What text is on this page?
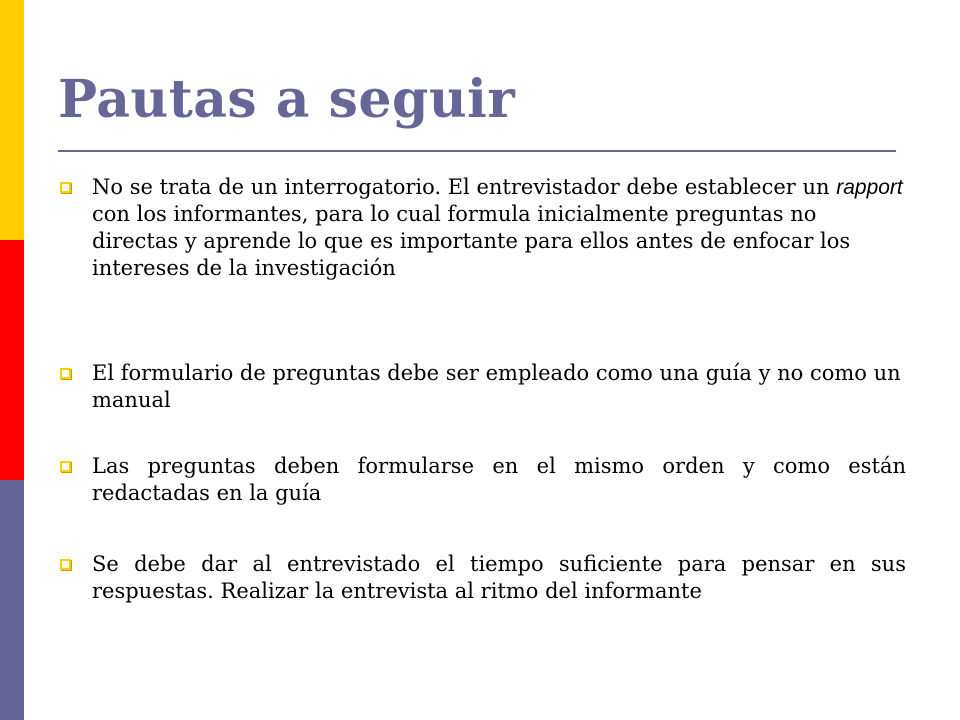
Pautas a seguir
No se trata de un interrogatorio. El entrevistador debe establecer un rapport con los informantes, para lo cual formula inicialmente preguntas no directas y aprende lo que es importante para ellos antes de enfocar los intereses de la investigación
El formulario de preguntas debe ser empleado como una guía y no como un manual
Las preguntas deben formularse en el mismo orden y como están redactadas en la guía
Se debe dar al entrevistado el tiempo suficiente para pensar en sus respuestas. Realizar la entrevista al ritmo del informante
